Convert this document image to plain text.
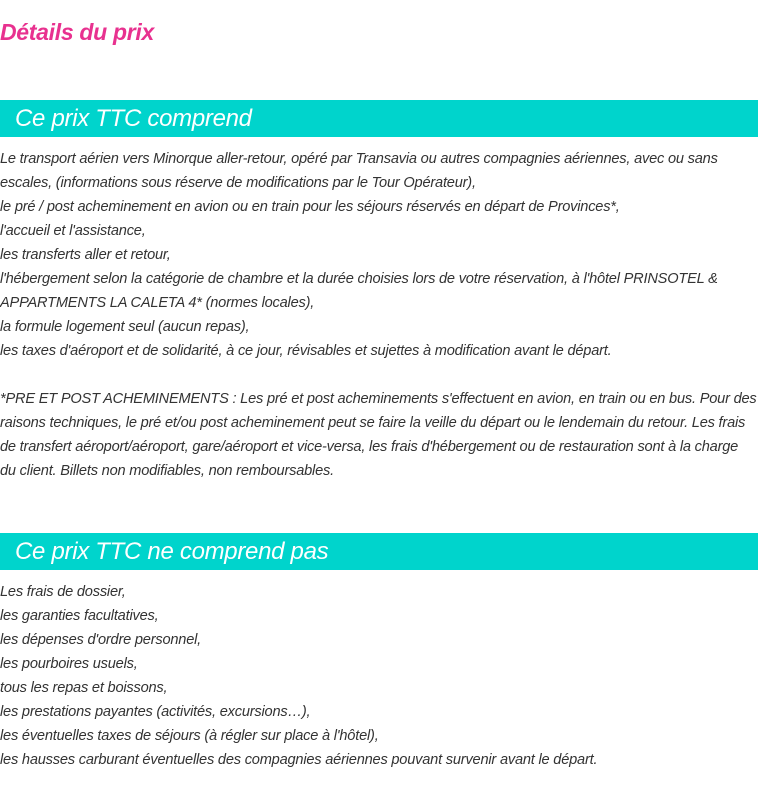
Détails du prix
Ce prix TTC comprend
Le transport aérien vers Minorque aller-retour, opéré par Transavia ou autres compagnies aériennes, avec ou sans
escales, (informations sous réserve de modifications par le Tour Opérateur),
le pré / post acheminement en avion ou en train pour les séjours réservés en départ de Provinces*,
l'accueil et l'assistance,
les transferts aller et retour,
l'hébergement selon la catégorie de chambre et la durée choisies lors de votre réservation, à l'hôtel PRINSOTEL &
APPARTMENTS LA CALETA 4* (normes locales),
la formule logement seul (aucun repas),
les taxes d'aéroport et de solidarité, à ce jour, révisables et sujettes à modification avant le départ.
*PRE ET POST ACHEMINEMENTS : Les pré et post acheminements s'effectuent en avion, en train ou en bus. Pour des
raisons techniques, le pré et/ou post acheminement peut se faire la veille du départ ou le lendemain du retour. Les frais
de transfert aéroport/aéroport, gare/aéroport et vice-versa, les frais d'hébergement ou de restauration sont à la charge
du client. Billets non modifiables, non remboursables.
Ce prix TTC ne comprend pas
Les frais de dossier,
les garanties facultatives,
les dépenses d'ordre personnel,
les pourboires usuels,
tous les repas et boissons,
les prestations payantes (activités, excursions…),
les éventuelles taxes de séjours (à régler sur place à l'hôtel),
les hausses carburant éventuelles des compagnies aériennes pouvant survenir avant le départ.
